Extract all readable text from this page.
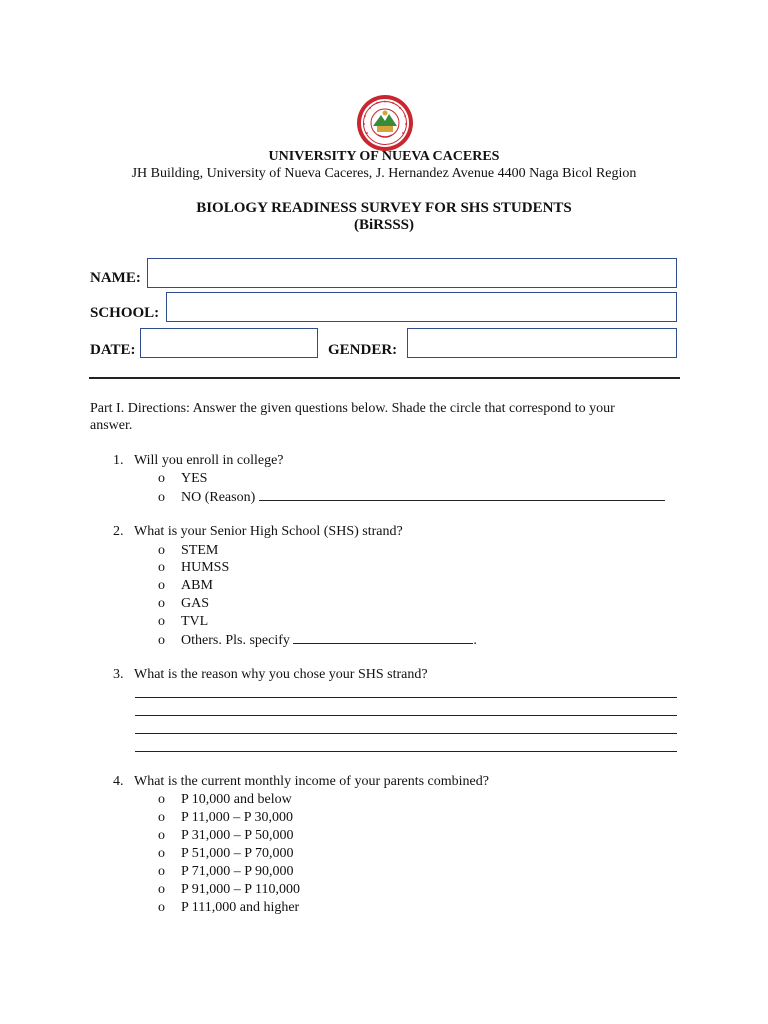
UNIVERSITY OF NUEVA CACERES
JH Building, University of Nueva Caceres, J. Hernandez Avenue 4400 Naga Bicol Region
BIOLOGY READINESS SURVEY FOR SHS STUDENTS
(BiRSSS)
NAME:
SCHOOL:
DATE:	GENDER:
Part I. Directions: Answer the given questions below. Shade the circle that correspond to your
answer.
1. Will you enroll in college?
o YES
o NO (Reason)
2. What is your Senior High School (SHS) strand?
o STEM
o HUMSS
o ABM
o GAS
o TVL
o Others. Pls. specify	.
3. What is the reason why you chose your SHS strand?
4. What is the current monthly income of your parents combined?
o P 10,000 and below
o P 11,000 – P 30,000
o P 31,000 – P 50,000
o P 51,000 – P 70,000
o P 71,000 – P 90,000
o P 91,000 – P 110,000
o P 111,000 and higher
